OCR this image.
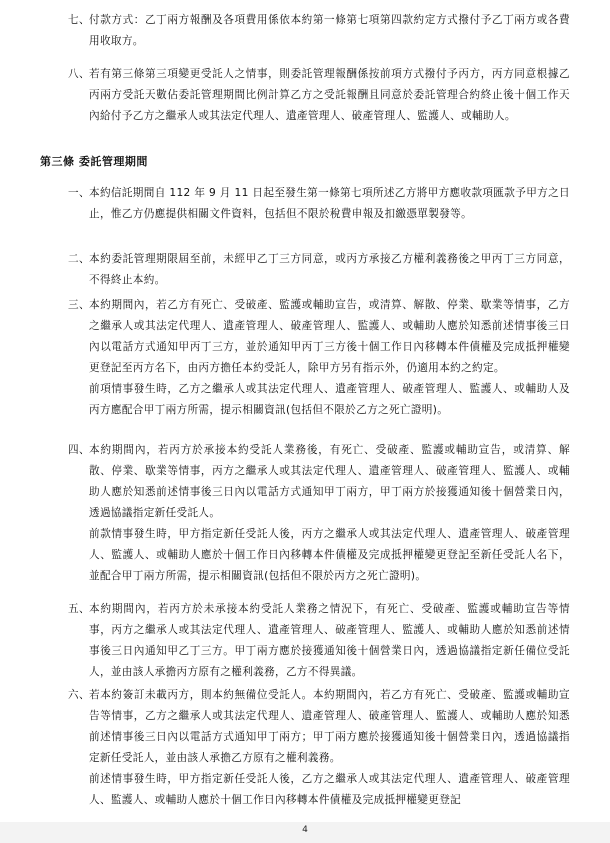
七、 付款方式：乙丁兩方報酬及各項費用係依本約第一條第七項第四款約定方式撥付予乙丁兩方或各費用收取方。

八、 若有第三條第三項變更受託人之情事，則委託管理報酬係按前項方式撥付予丙方，丙方同意根據乙丙兩方受託天數佔委託管理期間比例計算乙方之受託報酬且同意於委託管理合約終止後十個工作天內給付予乙方之繼承人或其法定代理人、遺產管理人、破產管理人、監護人、或輔助人。

第三條 委託管理期間
一、 本約信託期間自 112 年 9 月 11 日起至發生第一條第七項所述乙方將甲方應收款項匯款予甲方之日止，惟乙方仍應提供相關文件資料，包括但不限於稅費申報及扣繳憑單製發等。

二、 本約委託管理期限屆至前，未經甲乙丁三方同意，或丙方承接乙方權利義務後之甲丙丁三方同意，不得終止本約。

三、 本約期間內，若乙方有死亡、受破產、監護或輔助宣告，或清算、解散、停業、歇業等情事，乙方之繼承人或其法定代理人、遺產管理人、破產管理人、監護人、或輔助人應於知悉前述情事後三日內以電話方式通知甲丙丁三方，並於通知甲丙丁三方後十個工作日內移轉本件債權及完成抵押權變更登記至丙方名下，由丙方擔任本約受託人，除甲方另有指示外，仍適用本約之約定。

前項情事發生時，乙方之繼承人或其法定代理人、遺產管理人、破產管理人、監護人、或輔助人及丙方應配合甲丁兩方所需，提示相關資訊(包括但不限於乙方之死亡證明)。

四、 本約期間內，若丙方於承接本約受託人業務後，有死亡、受破產、監護或輔助宣告，或清算、解散、停業、歇業等情事，丙方之繼承人或其法定代理人、遺產管理人、破產管理人、監護人、或輔助人應於知悉前述情事後三日內以電話方式通知甲丁兩方，甲丁兩方於接獲通知後十個營業日內，透過協議指定新任受託人。

前款情事發生時，甲方指定新任受託人後，丙方之繼承人或其法定代理人、遺產管理人、破產管理人、監護人、或輔助人應於十個工作日內移轉本件債權及完成抵押權變更登記至新任受託人名下，並配合甲丁兩方所需，提示相關資訊(包括但不限於丙方之死亡證明)。

五、 本約期間內，若丙方於未承接本約受託人業務之情況下，有死亡、受破產、監護或輔助宣告等情事，丙方之繼承人或其法定代理人、遺產管理人、破產管理人、監護人、或輔助人應於知悉前述情事後三日內通知甲乙丁三方。甲丁兩方應於接獲通知後十個營業日內，透過協議指定新任備位受託人，並由該人承擔丙方原有之權利義務，乙方不得異議。

六、 若本約簽訂未載丙方，則本約無備位受託人。本約期間內，若乙方有死亡、受破產、監護或輔助宣告等情事，乙方之繼承人或其法定代理人、遺產管理人、破產管理人、監護人、或輔助人應於知悉前述情事後三日內以電話方式通知甲丁兩方；甲丁兩方應於接獲通知後十個營業日內，透過協議指定新任受託人，並由該人承擔乙方原有之權利義務。

前述情事發生時，甲方指定新任受託人後，乙方之繼承人或其法定代理人、遺產管理人、破產管理人、監護人、或輔助人應於十個工作日內移轉本件債權及完成抵押權變更登記

4
